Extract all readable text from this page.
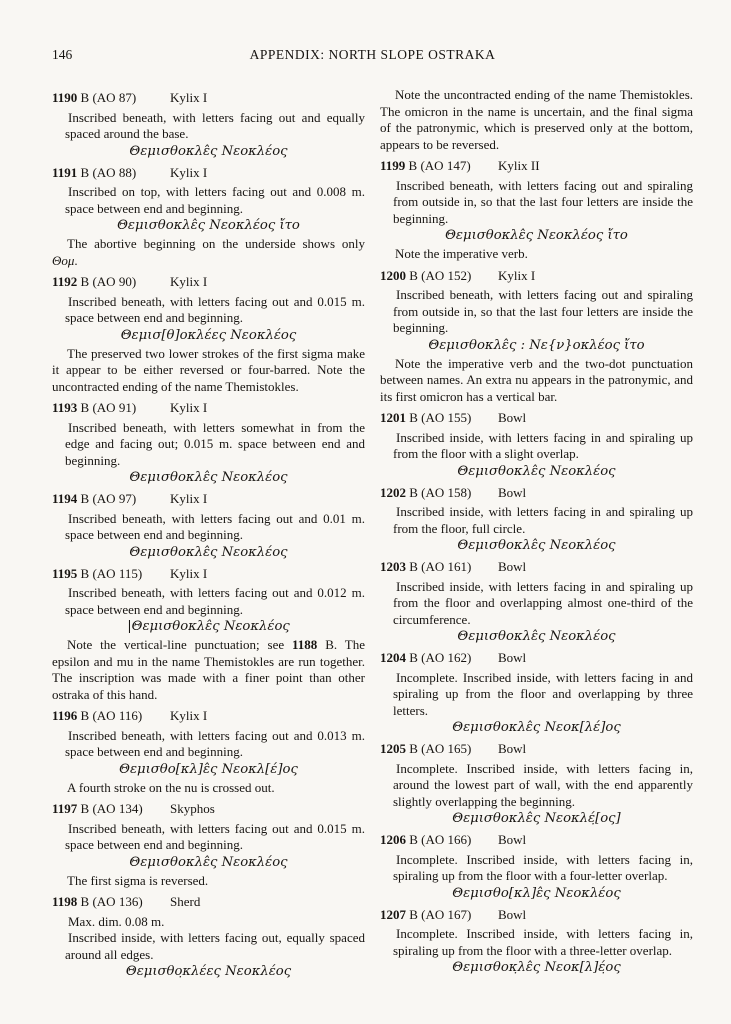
146	APPENDIX: NORTH SLOPE OSTRAKA
1190 B (AO 87)	Kylix I

Inscribed beneath, with letters facing out and equally spaced around the base.

Θεμισθοκλε̂ς Νεοκλέος

1191 B (AO 88)	Kylix I

Inscribed on top, with letters facing out and 0.008 m. space between end and beginning.

Θεμισθοκλε̂ς Νεοκλέος ἴτο

The abortive beginning on the underside shows only Θομ.

1192 B (AO 90)	Kylix I

Inscribed beneath, with letters facing out and 0.015 m. space between end and beginning.

Θεμισ[θ]οκλέες Νεοκλέος

The preserved two lower strokes of the first sigma make it appear to be either reversed or four-barred. Note the uncontracted ending of the name Themistokles.

1193 B (AO 91)	Kylix I

Inscribed beneath, with letters somewhat in from the edge and facing out; 0.015 m. space between end and beginning.

Θεμισθοκλε̂ς Νεοκλέος

1194 B (AO 97)	Kylix I

Inscribed beneath, with letters facing out and 0.01 m. space between end and beginning.

Θεμισθοκλε̂ς Νεοκλέος

1195 B (AO 115) Kylix I

Inscribed beneath, with letters facing out and 0.012 m. space between end and beginning.

|Θεμισθοκλε̂ς Νεοκλέος

Note the vertical-line punctuation; see 1188 B. The epsilon and mu in the name Themistokles are run together. The inscription was made with a finer point than other ostraka of this hand.

1196 B (AO 116) Kylix I

Inscribed beneath, with letters facing out and 0.013 m. space between end and beginning.

Θεμισθο[κλ]ε̂ς Νεοκλ[έ]ος

A fourth stroke on the nu is crossed out.

1197 B (AO 134) Skyphos

Inscribed beneath, with letters facing out and 0.015 m. space between end and beginning.

Θεμισθοκλε̂ς Νεοκλέος

The first sigma is reversed.

1198 B (AO 136) Sherd

Max. dim. 0.08 m.

Inscribed inside, with letters facing out, equally spaced around all edges.

Θεμισθο̣κλέες Νεοκλέος

Note the uncontracted ending of the name Themistokles. The omicron in the name is uncertain, and the final sigma of the patronymic, which is preserved only at the bottom, appears to be reversed.

1199 B (AO 147) Kylix II

Inscribed beneath, with letters facing out and spiraling from outside in, so that the last four letters are inside the beginning.

Θεμισθοκλε̂ς Νεοκλέος ἴτο

Note the imperative verb.

1200 B (AO 152) Kylix I

Inscribed beneath, with letters facing out and spiraling from outside in, so that the last four letters are inside the beginning.

Θεμισθοκλε̂ς : Νε{ν}οκλέος ἴτο

Note the imperative verb and the two-dot punctuation between names. An extra nu appears in the patronymic, and its first omicron has a vertical bar.

1201 B (AO 155) Bowl

Inscribed inside, with letters facing in and spiraling up from the floor with a slight overlap.

Θεμισθοκλε̂ς Νεοκλέος

1202 B (AO 158) Bowl

Inscribed inside, with letters facing in and spiraling up from the floor, full circle.

Θεμισθοκλε̂ς Νεοκλέος

1203 B (AO 161) Bowl

Inscribed inside, with letters facing in and spiraling up from the floor and overlapping almost one-third of the circumference.

Θεμισθοκλε̂ς Νεοκλέος

1204 B (AO 162) Bowl

Incomplete. Inscribed inside, with letters facing in and spiraling up from the floor and overlapping by three letters.

Θεμισθοκλε̂ς Νεοκ[λέ]ος

1205 B (AO 165) Bowl

Incomplete. Inscribed inside, with letters facing in, around the lowest part of wall, with the end apparently slightly overlapping the beginning.

Θεμισθοκλε̂ς Νεοκλέ̣[ος]

1206 B (AO 166) Bowl

Incomplete. Inscribed inside, with letters facing in, spiraling up from the floor with a four-letter overlap.

Θεμισθο[κλ]ε̂ς Νεοκλέος

1207 B (AO 167) Bowl

Incomplete. Inscribed inside, with letters facing in, spiraling up from the floor with a three-letter overlap.

Θεμισθοκ̣λε̂ς Νεοκ[λ]έ̣ος
